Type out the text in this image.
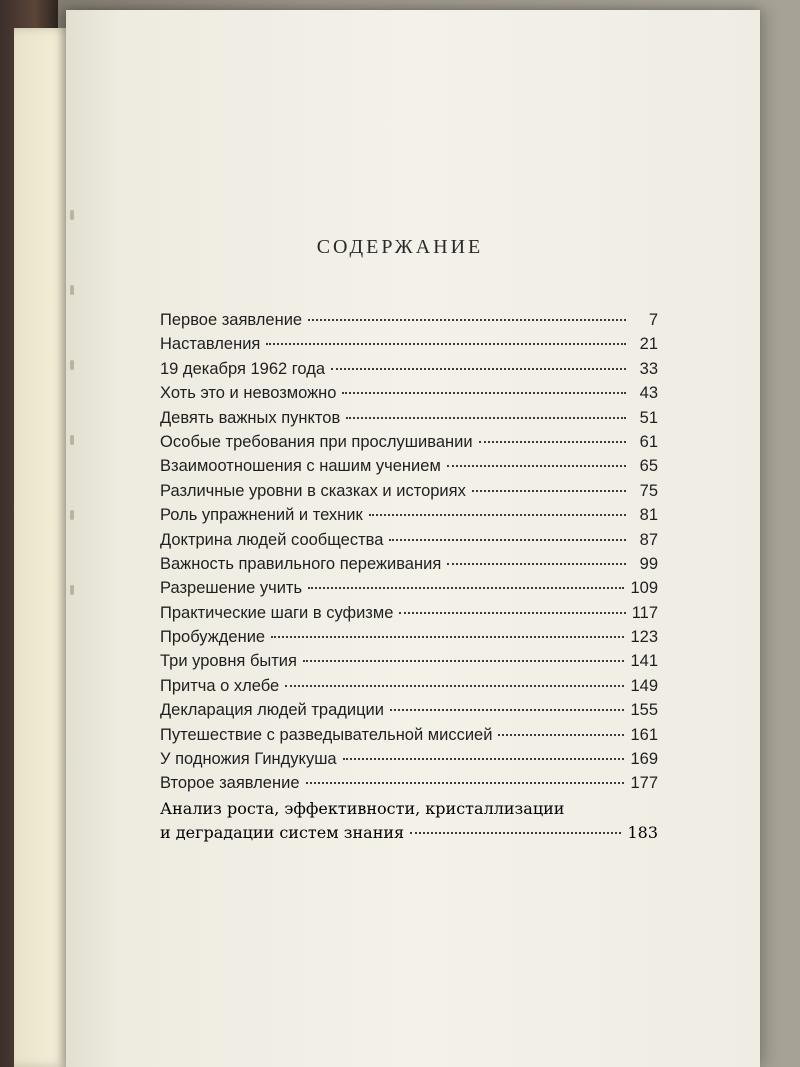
СОДЕРЖАНИЕ
Первое заявление	7
Наставления	21
19 декабря 1962 года	33
Хоть это и невозможно	43
Девять важных пунктов	51
Особые требования при прослушивании	61
Взаимоотношения с нашим учением	65
Различные уровни в сказках и историях	75
Роль упражнений и техник	81
Доктрина людей сообщества	87
Важность правильного переживания	99
Разрешение учить	109
Практические шаги в суфизме	117
Пробуждение	123
Три уровня бытия	141
Притча о хлебе	149
Декларация людей традиции	155
Путешествие с разведывательной миссией	161
У подножия Гиндукуша	169
Второе заявление	177
Анализ роста, эффективности, кристаллизации
и деградации систем знания	183
